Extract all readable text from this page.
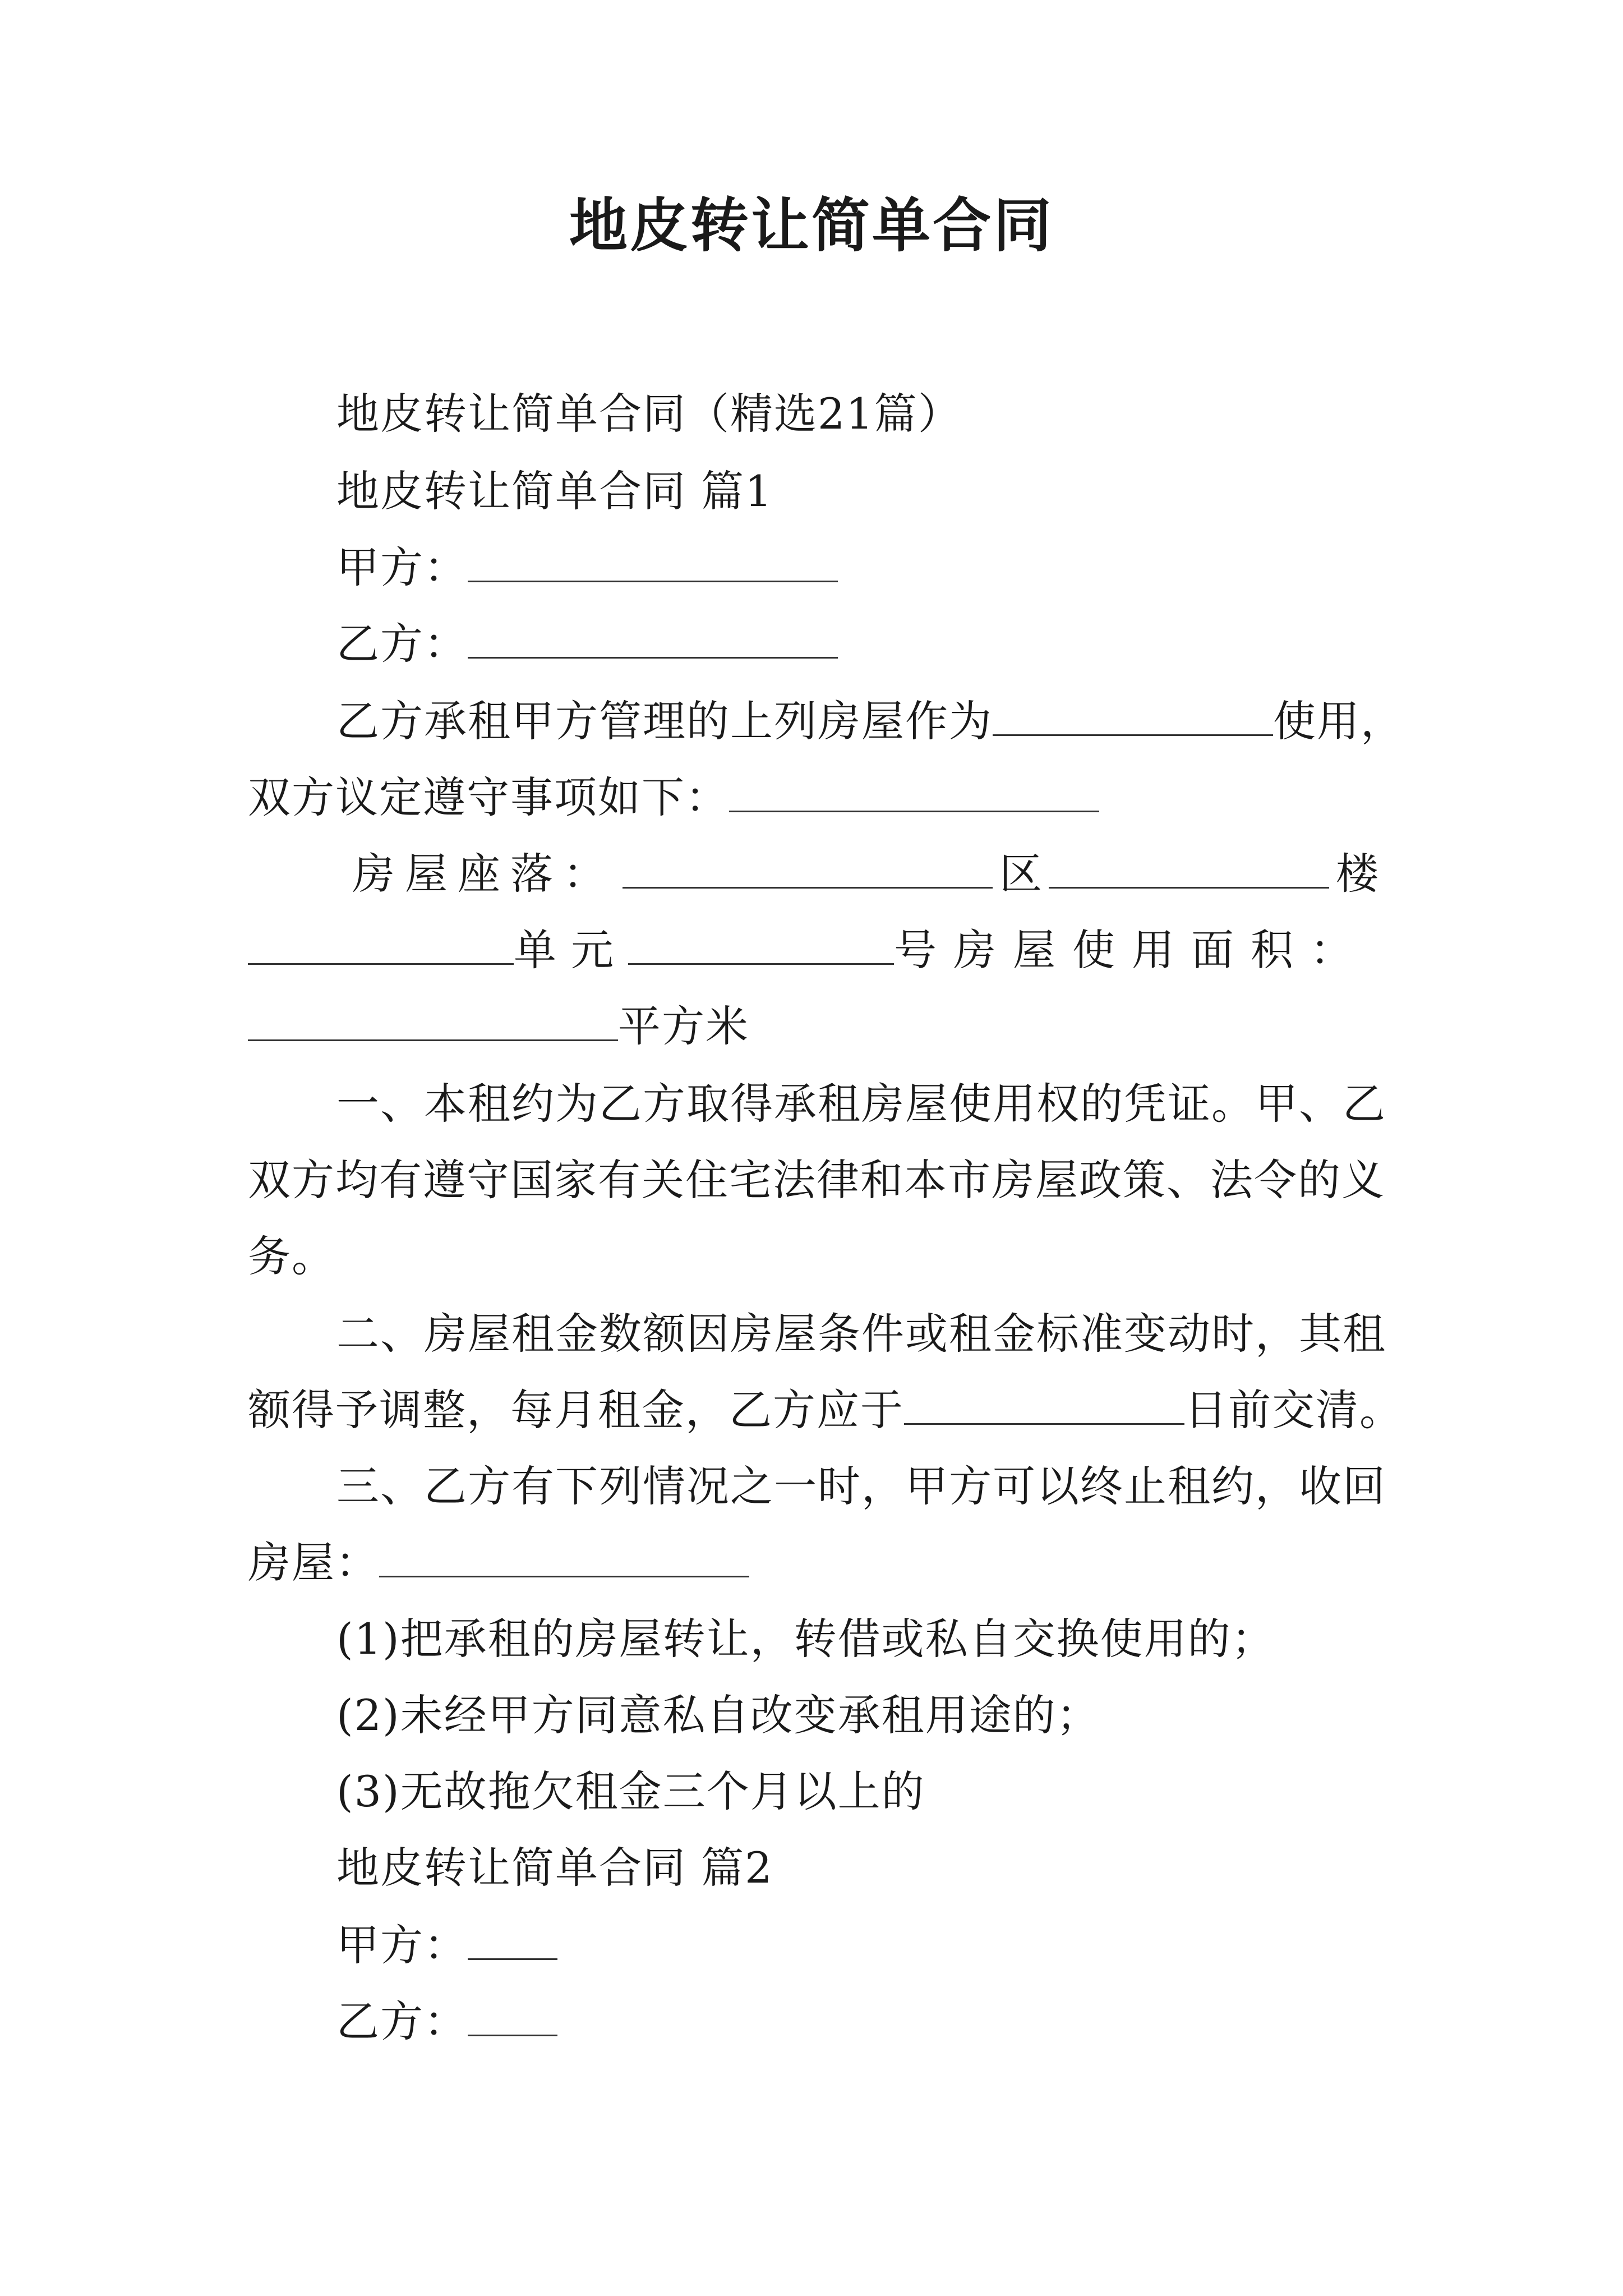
地皮转让简单合同
地皮转让简单合同（精选21篇）
地皮转让简单合同 篇1
甲方：
乙方：
乙方承租甲方管理的上列房屋作为	使用，
双方议定遵守事项如下：
房屋座落：	区	楼
单元	号房屋使用面积：
平方米
一、本租约为乙方取得承租房屋使用权的凭证。甲、乙
双方均有遵守国家有关住宅法律和本市房屋政策、法令的义
务。
二、房屋租金数额因房屋条件或租金标准变动时，其租
额得予调整，每月租金，乙方应于	日前交清。
三、乙方有下列情况之一时，甲方可以终止租约，收回
房屋：
(1)把承租的房屋转让，转借或私自交换使用的；
(2)未经甲方同意私自改变承租用途的；
(3)无故拖欠租金三个月以上的
地皮转让简单合同 篇2
甲方：
乙方：
